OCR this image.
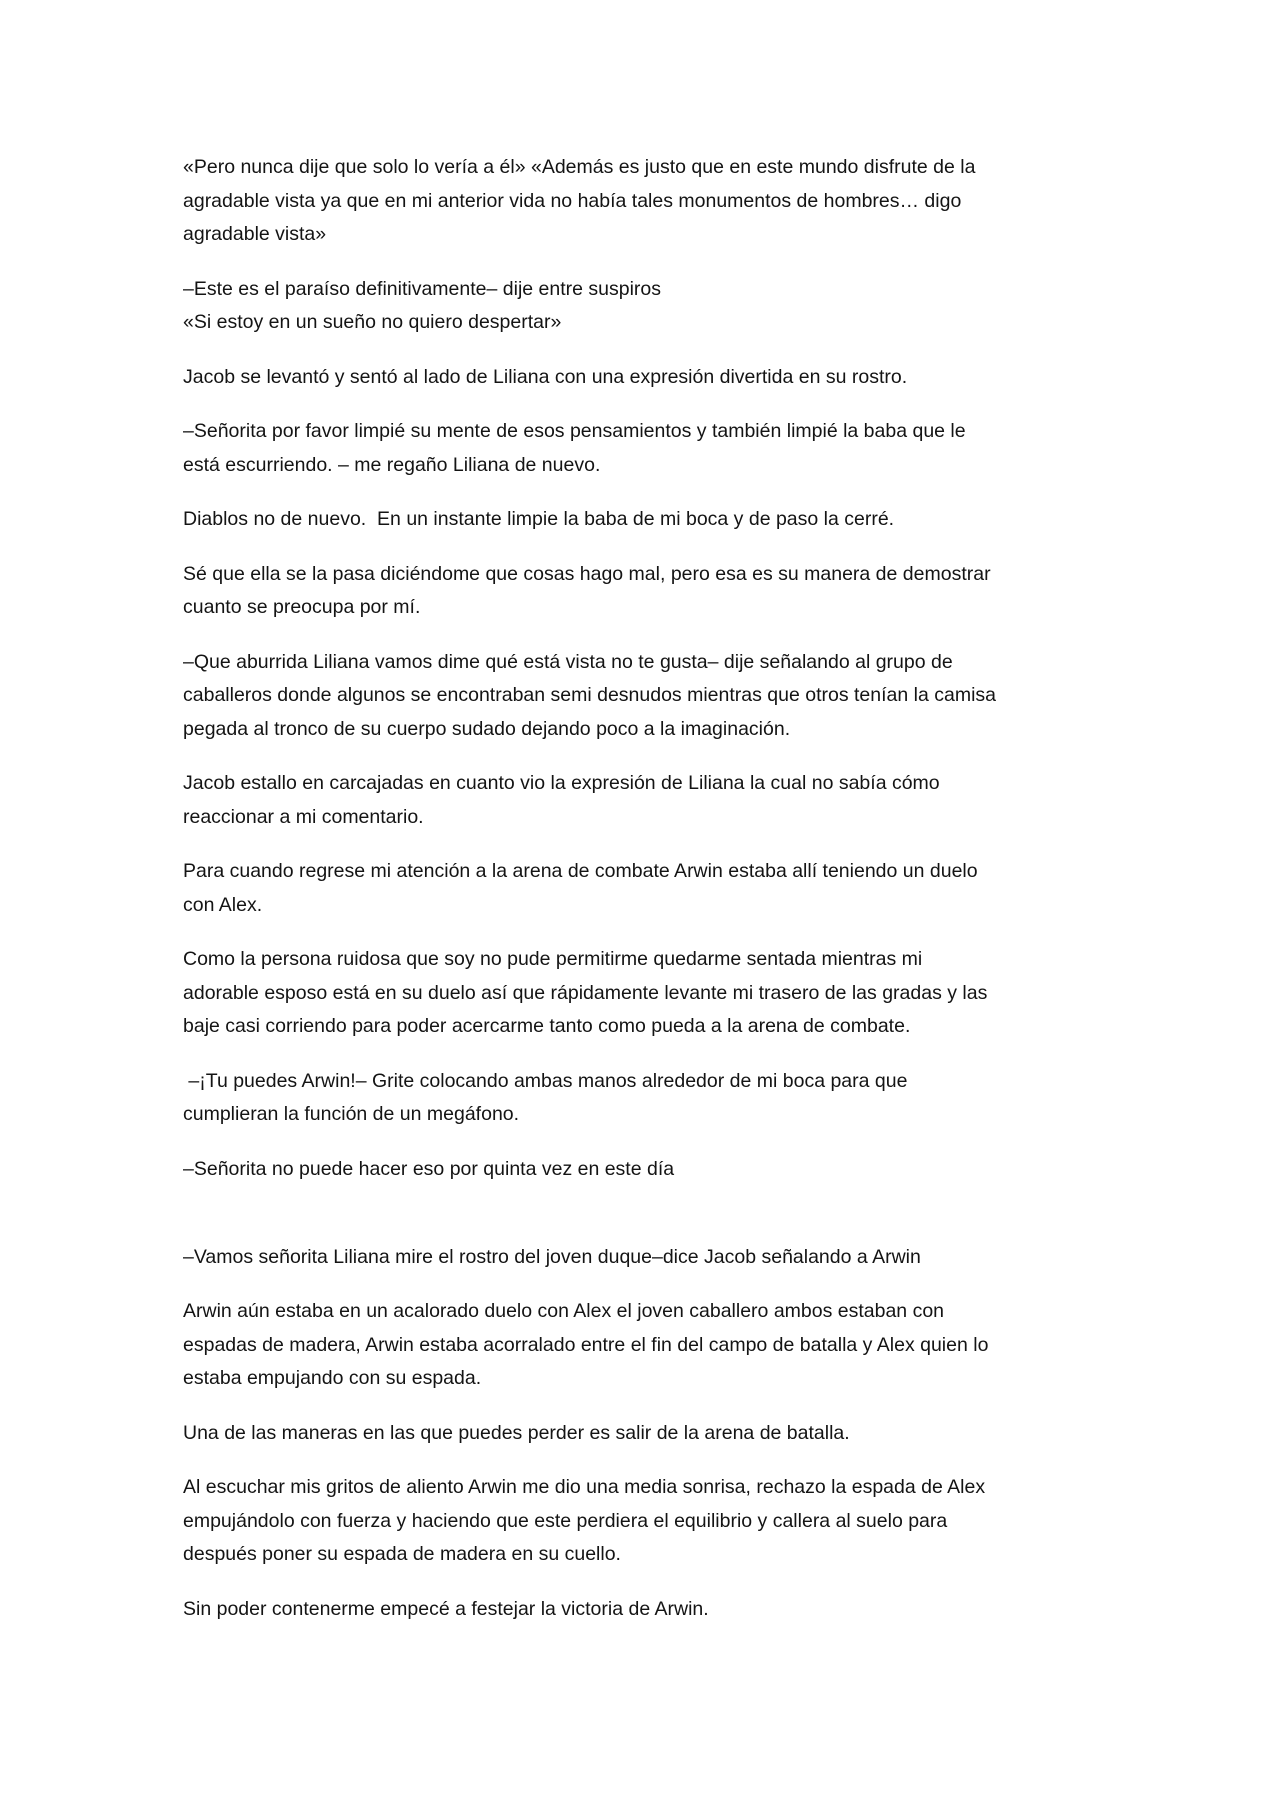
«Pero nunca dije que solo lo vería a él» «Además es justo que en este mundo disfrute de la
agradable vista ya que en mi anterior vida no había tales monumentos de hombres… digo
agradable vista»

–Este es el paraíso definitivamente– dije entre suspiros
«Si estoy en un sueño no quiero despertar»

Jacob se levantó y sentó al lado de Liliana con una expresión divertida en su rostro.

–Señorita por favor limpié su mente de esos pensamientos y también limpié la baba que le
está escurriendo. – me regaño Liliana de nuevo.

Diablos no de nuevo.  En un instante limpie la baba de mi boca y de paso la cerré.

Sé que ella se la pasa diciéndome que cosas hago mal, pero esa es su manera de demostrar
cuanto se preocupa por mí.

–Que aburrida Liliana vamos dime qué está vista no te gusta– dije señalando al grupo de
caballeros donde algunos se encontraban semi desnudos mientras que otros tenían la camisa
pegada al tronco de su cuerpo sudado dejando poco a la imaginación.

Jacob estallo en carcajadas en cuanto vio la expresión de Liliana la cual no sabía cómo
reaccionar a mi comentario.

Para cuando regrese mi atención a la arena de combate Arwin estaba allí teniendo un duelo
con Alex.

Como la persona ruidosa que soy no pude permitirme quedarme sentada mientras mi
adorable esposo está en su duelo así que rápidamente levante mi trasero de las gradas y las
baje casi corriendo para poder acercarme tanto como pueda a la arena de combate.

–¡Tu puedes Arwin!– Grite colocando ambas manos alrededor de mi boca para que
cumplieran la función de un megáfono.

–Señorita no puede hacer eso por quinta vez en este día

–Vamos señorita Liliana mire el rostro del joven duque–dice Jacob señalando a Arwin

Arwin aún estaba en un acalorado duelo con Alex el joven caballero ambos estaban con
espadas de madera, Arwin estaba acorralado entre el fin del campo de batalla y Alex quien lo
estaba empujando con su espada.

Una de las maneras en las que puedes perder es salir de la arena de batalla.

Al escuchar mis gritos de aliento Arwin me dio una media sonrisa, rechazo la espada de Alex
empujándolo con fuerza y haciendo que este perdiera el equilibrio y callera al suelo para
después poner su espada de madera en su cuello.

Sin poder contenerme empecé a festejar la victoria de Arwin.
